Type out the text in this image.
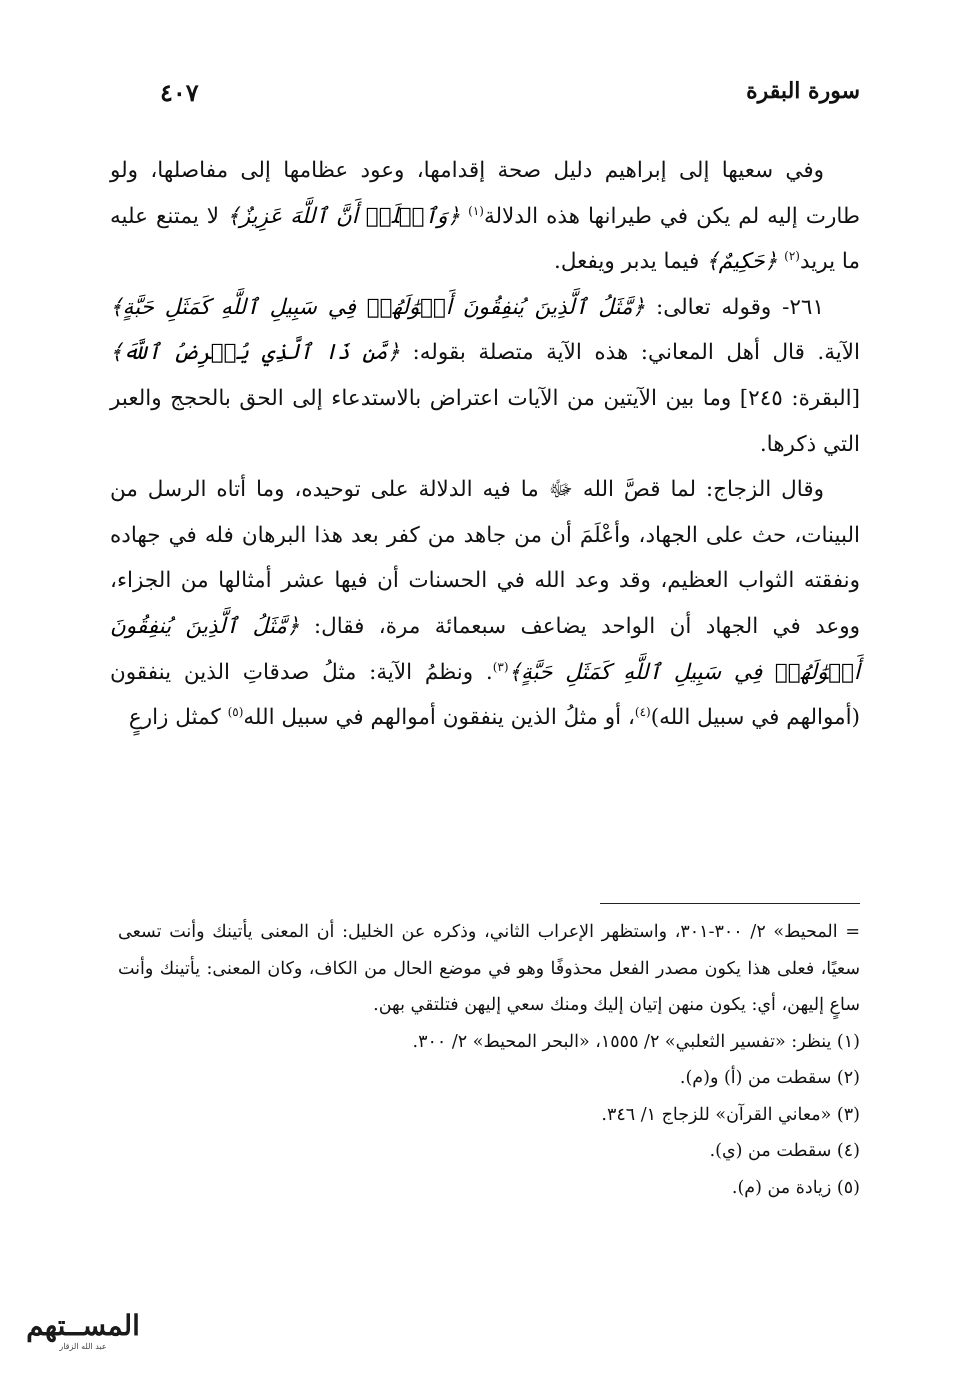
سورة البقرة
٤٠٧

وفي سعيها إلى إبراهيم دليل صحة إقدامها، وعود عظامها إلى مفاصلها، ولو طارت إليه لم يكن في طيرانها هذه الدلالة$^{(١)}$ ﴿وَٱعۡلَمۡ أَنَّ ٱللَّهَ عَزِيزٌ﴾ لا يمتنع عليه ما يريد$^{(٢)}$ ﴿حَكِيمٌ﴾ فيما يدبر ويفعل.

٢٦١- وقوله تعالى: ﴿مَّثَلُ ٱلَّذِينَ يُنفِقُونَ أَمۡوَٰلَهُمۡ فِي سَبِيلِ ٱللَّهِ كَمَثَلِ حَبَّةٍ﴾ الآية. قال أهل المعاني: هذه الآية متصلة بقوله: ﴿مَّن ذَا ٱلَّذِي يُقۡرِضُ ٱللَّهَ﴾ [البقرة: ٢٤٥] وما بين الآيتين من الآيات اعتراض بالاستدعاء إلى الحق بالحجج والعبر التي ذكرها.

وقال الزجاج: لما قصَّ الله ﷻ ما فيه الدلالة على توحيده، وما أتاه الرسل من البينات، حث على الجهاد، وأعْلَمَ أن من جاهد من كفر بعد هذا البرهان فله في جهاده ونفقته الثواب العظيم، وقد وعد الله في الحسنات أن فيها عشر أمثالها من الجزاء، ووعد في الجهاد أن الواحد يضاعف سبعمائة مرة، فقال: ﴿مَّثَلُ ٱلَّذِينَ يُنفِقُونَ أَمۡوَٰلَهُمۡ فِي سَبِيلِ ٱللَّهِ كَمَثَلِ حَبَّةٍ﴾$^{(٣)}$. ونظمُ الآية: مثلُ صدقاتِ الذين ينفقون (أموالهم في سبيل الله)$^{(٤)}$، أو مثلُ الذين ينفقون أموالهم في سبيل الله$^{(٥)}$ كمثل زارعٍ

= المحيط» ٢/ ٣٠٠-٣٠١، واستظهر الإعراب الثاني، وذكره عن الخليل: أن المعنى يأتينك وأنت تسعى سعيًا، فعلى هذا يكون مصدر الفعل محذوفًا وهو في موضع الحال من الكاف، وكان المعنى: يأتينك وأنت ساعٍ إليهن، أي: يكون منهن إتيان إليك ومنك سعي إليهن فتلتقي بهن.

(١) ينظر: «تفسير الثعلبي» ٢/ ١٥٥٥، «البحر المحيط» ٢/ ٣٠٠.

(٢) سقطت من (أ) و(م).

(٣) «معاني القرآن» للزجاج ١/ ٣٤٦.

(٤) سقطت من (ي).

(٥) زيادة من (م).

المسـ‍ـتهم
عبد الله الزقار
